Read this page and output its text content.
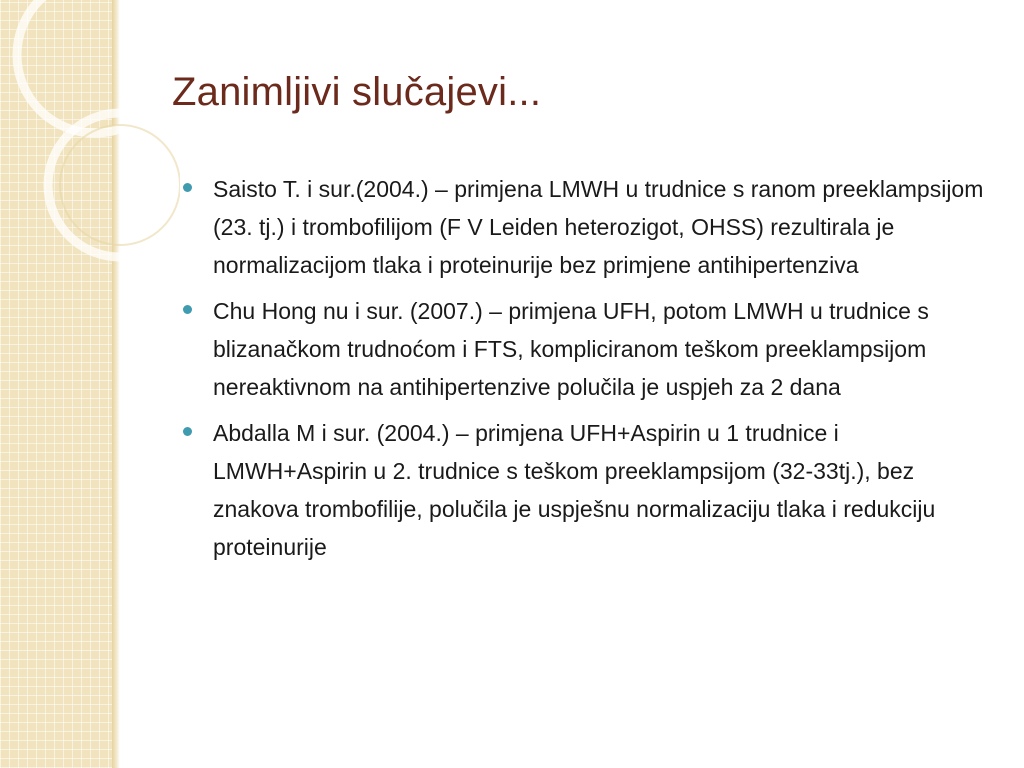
Zanimljivi slučajevi...
Saisto T. i sur.(2004.) – primjena LMWH u trudnice s ranom preeklampsijom (23. tj.) i trombofilijom (F V Leiden heterozigot, OHSS) rezultirala je normalizacijom tlaka i proteinurije bez primjene antihipertenziva
Chu Hong nu i sur. (2007.) – primjena UFH, potom LMWH u trudnice s blizanačkom trudnoćom i FTS, kompliciranom teškom preeklampsijom nereaktivnom na antihipertenzive polučila je uspjeh za 2 dana
Abdalla M i sur. (2004.) – primjena UFH+Aspirin u 1 trudnice i LMWH+Aspirin u 2. trudnice s teškom preeklampsijom (32-33tj.), bez znakova trombofilije, polučila je uspješnu normalizaciju tlaka i redukciju proteinurije
